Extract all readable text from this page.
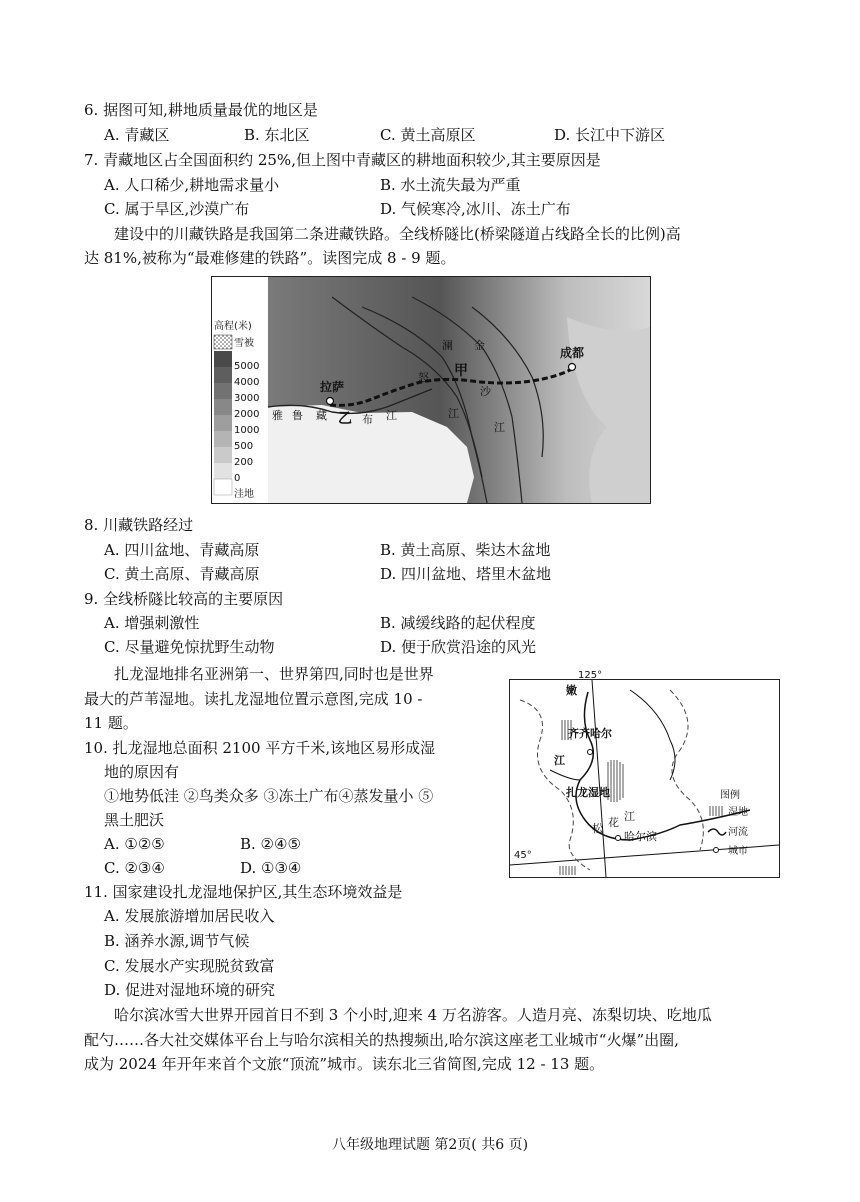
6. 据图可知,耕地质量最优的地区是
A. 青藏区	B. 东北区	C. 黄土高原区	D. 长江中下游区
7. 青藏地区占全国面积约 25%,但上图中青藏区的耕地面积较少,其主要原因是
A. 人口稀少,耕地需求量小	B. 水土流失最为严重
C. 属于旱区,沙漠广布	D. 气候寒冷,冰川、冻土广布
建设中的川藏铁路是我国第二条进藏铁路。全线桥隧比(桥梁隧道占线路全长的比例)高
达 81%,被称为“最难修建的铁路”。读图完成 8 - 9 题。
成都
拉萨
甲
乙
澜 金
怒
沙
江
江
雅 鲁 藏	布 江
高程(米)
雪被
5000
4000
3000
2000
1000
500
200
0
洼地
8. 川藏铁路经过
A. 四川盆地、青藏高原	B. 黄土高原、柴达木盆地
C. 黄土高原、青藏高原	D. 四川盆地、塔里木盆地
9. 全线桥隧比较高的主要原因
A. 增强刺激性	B. 减缓线路的起伏程度
C. 尽量避免惊扰野生动物	D. 便于欣赏沿途的风光
扎龙湿地排名亚洲第一、世界第四,同时也是世界
最大的芦苇湿地。读扎龙湿地位置示意图,完成 10 -
11 题。
10. 扎龙湿地总面积 2100 平方千米,该地区易形成湿
地的原因有
①地势低洼 ②鸟类众多 ③冻土广布④蒸发量小 ⑤
黑土肥沃
A. ①②⑤	B. ②④⑤
C. ②③④	D. ①③④
125°
嫩
齐齐哈尔
江
扎龙湿地
松 花 江
哈尔滨
45°
图例
湿地
河流
城市
11. 国家建设扎龙湿地保护区,其生态环境效益是
A. 发展旅游增加居民收入
B. 涵养水源,调节气候
C. 发展水产实现脱贫致富
D. 促进对湿地环境的研究
哈尔滨冰雪大世界开园首日不到 3 个小时,迎来 4 万名游客。人造月亮、冻梨切块、吃地瓜
配勺……各大社交媒体平台上与哈尔滨相关的热搜频出,哈尔滨这座老工业城市“火爆”出圈,
成为 2024 年开年来首个文旅“顶流”城市。读东北三省简图,完成 12 - 13 题。
八年级地理试题 第2页( 共6 页)
